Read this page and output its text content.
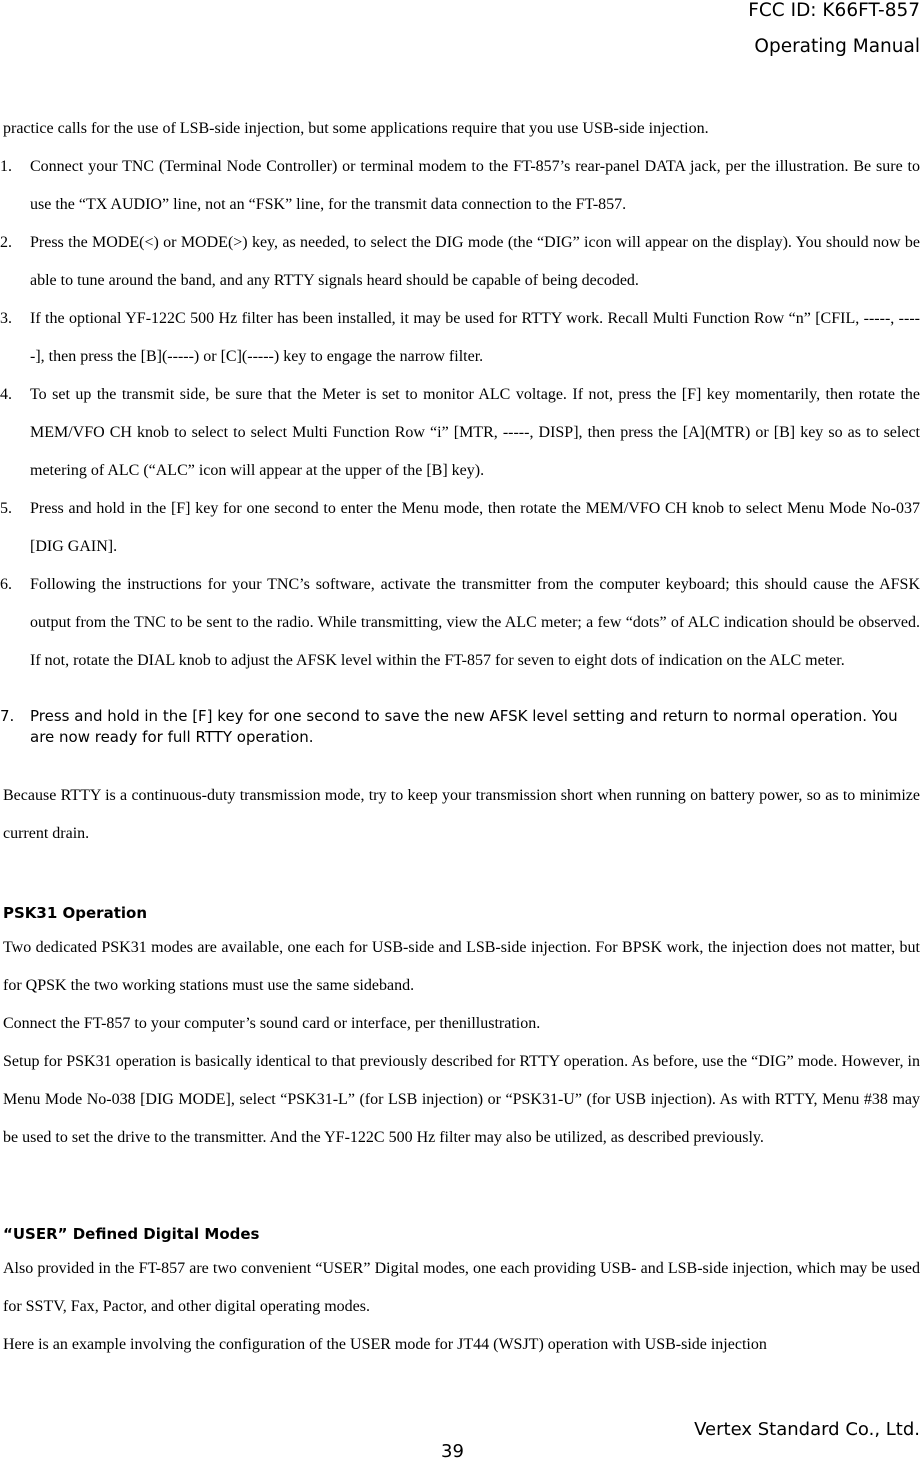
FCC ID: K66FT-857
Operating Manual

practice calls for the use of LSB-side injection, but some applications require that you use USB-side injection.

1. Connect your TNC (Terminal Node Controller) or terminal modem to the FT-857’s rear-panel DATA jack, per the illustration. Be sure to use the “TX AUDIO” line, not an “FSK” line, for the transmit data connection to the FT-857.
2. Press the MODE(<) or MODE(>) key, as needed, to select the DIG mode (the “DIG” icon will appear on the display). You should now be able to tune around the band, and any RTTY signals heard should be capable of being decoded.
3. If the optional YF-122C 500 Hz filter has been installed, it may be used for RTTY work. Recall Multi Function Row “n” [CFIL, -----, -----], then press the [B](-----) or [C](-----) key to engage the narrow filter.
4. To set up the transmit side, be sure that the Meter is set to monitor ALC voltage. If not, press the [F] key momentarily, then rotate the MEM/VFO CH knob to select to select Multi Function Row “i” [MTR, -----, DISP], then press the [A](MTR) or [B] key so as to select metering of ALC (“ALC” icon will appear at the upper of the [B] key).
5. Press and hold in the [F] key for one second to enter the Menu mode, then rotate the MEM/VFO CH knob to select Menu Mode No-037 [DIG GAIN].
6. Following the instructions for your TNC’s software, activate the transmitter from the computer keyboard; this should cause the AFSK output from the TNC to be sent to the radio. While transmitting, view the ALC meter; a few “dots” of ALC indication should be observed. If not, rotate the DIAL knob to adjust the AFSK level within the FT-857 for seven to eight dots of indication on the ALC meter.
7.	Press and hold in the [F] key for one second to save the new AFSK level setting and return to normal operation. You are now ready for full RTTY operation.

Because RTTY is a continuous-duty transmission mode, try to keep your transmission short when running on battery power, so as to minimize current drain.

PSK31 Operation

Two dedicated PSK31 modes are available, one each for USB-side and LSB-side injection. For BPSK work, the injection does not matter, but for QPSK the two working stations must use the same sideband.

Connect the FT-857 to your computer’s sound card or interface, per thenillustration.

Setup for PSK31 operation is basically identical to that previously described for RTTY operation. As before, use the “DIG” mode. However, in Menu Mode No-038 [DIG MODE], select “PSK31-L” (for LSB injection) or “PSK31-U” (for USB injection). As with RTTY, Menu #38 may be used to set the drive to the transmitter. And the YF-122C 500 Hz filter may also be utilized, as described previously.

“USER” Defined Digital Modes

Also provided in the FT-857 are two convenient “USER” Digital modes, one each providing USB- and LSB-side injection, which may be used for SSTV, Fax, Pactor, and other digital operating modes.

Here is an example involving the configuration of the USER mode for JT44 (WSJT) operation with USB-side injection

Vertex Standard Co., Ltd.
39
